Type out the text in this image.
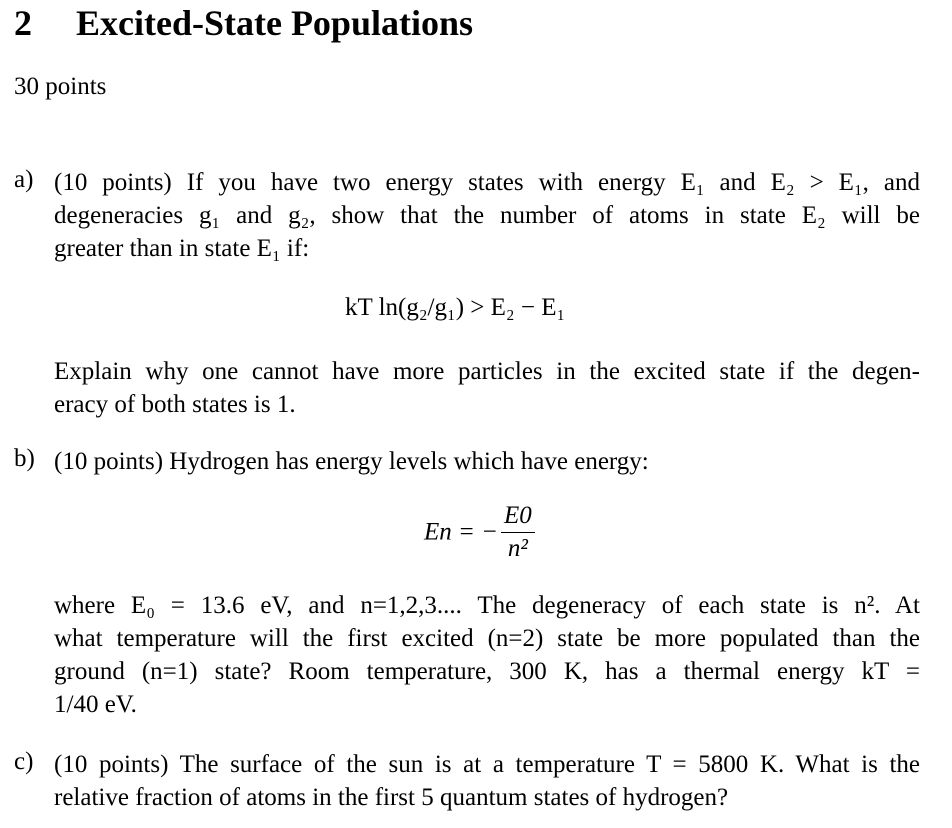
2 Excited-State Populations
30 points
a) (10 points) If you have two energy states with energy E₁ and E₂ > E₁, and
degeneracies g₁ and g₂, show that the number of atoms in state E₂ will be
greater than in state E₁ if:
kT ln(g₂/g₁) > E₂ − E₁
Explain why one cannot have more particles in the excited state if the degen-
eracy of both states is 1.
b) (10 points) Hydrogen has energy levels which have energy:
En = − $\frac{E0}{\text{n²}}$
where E₀ = 13.6 eV, and n=1,2,3.... The degeneracy of each state is n². At
what temperature will the first excited (n=2) state be more populated than the
ground (n=1) state? Room temperature, 300 K, has a thermal energy kT =
1/40 eV.
c) (10 points) The surface of the sun is at a temperature T = 5800 K. What is the
relative fraction of atoms in the first 5 quantum states of hydrogen?
